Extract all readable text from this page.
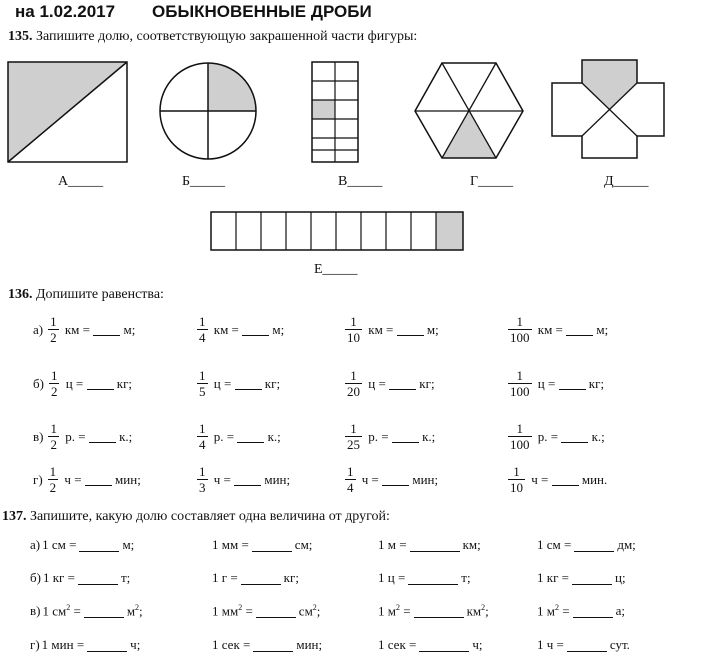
на 1.02.2017 ОБЫКНОВЕННЫЕ ДРОБИ
135. Запишите долю, соответствующую закрашенной части фигуры:
А_____	Б_____	В_____	Г_____	Д_____
Е_____
136. Допишите равенства:
$а) \frac{1}{2}$ км = м;	$\frac{1}{4}$ км = м;	$\frac{1}{10}$ км = м;	$\frac{1}{100}$ км = м;
$б) \frac{1}{2}$ ц = кг;	$\frac{1}{5}$ ц = кг;	$\frac{1}{20}$ ц = кг;	$\frac{1}{100}$ ц = кг;
$в) \frac{1}{2} р$. = к.;	$\frac{1}{4} р$. = к.;	$\frac{1}{25} р$. = к.;	$\frac{1}{100} р$. = к.;
$г) \frac{1}{2}$ ч = мин;	$\frac{1}{3}$ ч = мин;	$\frac{1}{4}$ ч = мин;	$\frac{1}{10}$ ч = мин.
137. Запишите, какую долю составляет одна величина от другой:
а) 1 см =	м;	1 мм =	см;	1 м =	км;	1 см =	дм;
б) 1 кг =	т;	1 г =	кг;	1 ц =	т;	1 кг =	ц;
в) 1 $см^2$ =	$м^2$;	1 $мм^2$ =	$см^2$;	1 $м^2$ =	$км^2$;	1 $м^2$ =	а;
г) 1 мин =	ч;	1 сек =	мин;	1 сек =	ч;	1 ч =	сут.
